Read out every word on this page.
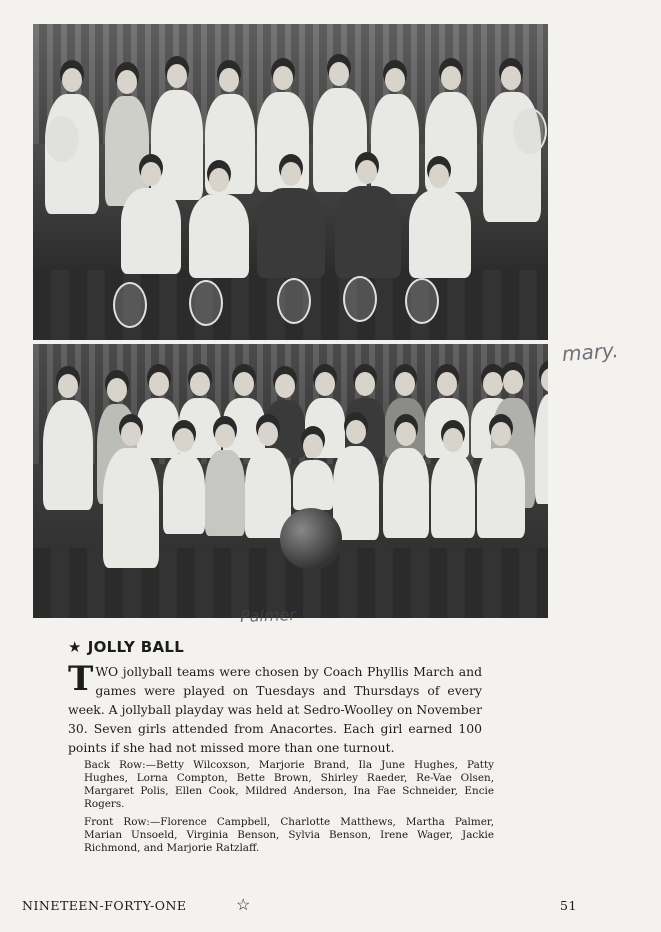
mary.
Palmer
★ JOLLY BALL

TWO jollyball teams were chosen by Coach Phyllis March and games were played on Tuesdays and Thursdays of every week. A jollyball playday was held at Sedro-Woolley on November 30. Seven girls attended from Anacortes. Each girl earned 100 points if she had not missed more than one turnout.

Back Row:—Betty Wilcoxson, Marjorie Brand, Ila June Hughes, Patty Hughes, Lorna Compton, Bette Brown, Shirley Raeder, Re-Vae Olsen, Margaret Polis, Ellen Cook, Mildred Anderson, Ina Fae Schneider, Encie Rogers.

Front Row:—Florence Campbell, Charlotte Matthews, Martha Palmer, Marian Unsoeld, Virginia Benson, Sylvia Benson, Irene Wager, Jackie Richmond, and Marjorie Ratzlaff.

NINETEEN-FORTY-ONE	☆	51
